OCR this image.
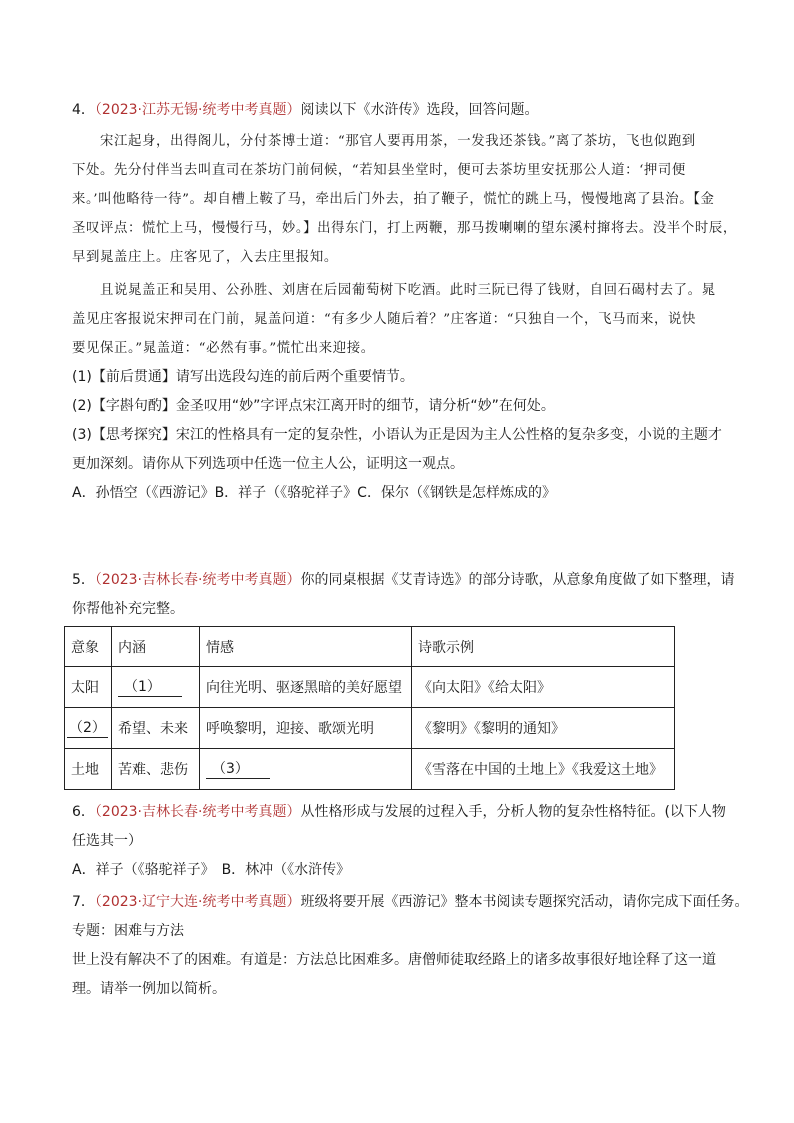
4．（2023·江苏无锡·统考中考真题）阅读以下《水浒传》选段，回答问题。
宋江起身，出得阁儿，分付茶博士道：“那官人要再用茶，一发我还茶钱。”离了茶坊，飞也似跑到
下处。先分付伴当去叫直司在茶坊门前伺候，“若知县坐堂时，便可去茶坊里安抚那公人道：‘押司便
来。’叫他略待一待”。却自槽上鞍了马，牵出后门外去，拍了鞭子，慌忙的跳上马，慢慢地离了县治。【金
圣叹评点：慌忙上马，慢慢行马，妙。】出得东门，打上两鞭，那马拨喇喇的望东溪村撺将去。没半个时辰，
早到晁盖庄上。庄客见了，入去庄里报知。
且说晁盖正和吴用、公孙胜、刘唐在后园葡萄树下吃酒。此时三阮已得了钱财，自回石碣村去了。晁
盖见庄客报说宋押司在门前，晁盖问道：“有多少人随后着？”庄客道：“只独自一个，飞马而来，说快
要见保正。”晁盖道：“必然有事。”慌忙出来迎接。
(1)【前后贯通】请写出选段勾连的前后两个重要情节。
(2)【字斟句酌】金圣叹用“妙”字评点宋江离开时的细节，请分析“妙”在何处。
(3)【思考探究】宋江的性格具有一定的复杂性，小语认为正是因为主人公性格的复杂多变，小说的主题才
更加深刻。请你从下列选项中任选一位主人公，证明这一观点。
A．孙悟空（《西游记》B．祥子（《骆驼祥子》C．保尔（《钢铁是怎样炼成的》
5．（2023·吉林长春·统考中考真题）你的同桌根据《艾青诗选》的部分诗歌，从意象角度做了如下整理，请
你帮他补充完整。
意象	内涵	情感	诗歌示例
太阳	（1）	向往光明、驱逐黑暗的美好愿望	《向太阳》《给太阳》
（2）	希望、未来	呼唤黎明，迎接、歌颂光明	《黎明》《黎明的通知》
土地	苦难、悲伤	（3）	《雪落在中国的土地上》《我爱这土地》
6．（2023·吉林长春·统考中考真题）从性格形成与发展的过程入手，分析人物的复杂性格特征。(以下人物
任选其一）
A．祥子（《骆驼祥子》　B．林冲（《水浒传》
7．（2023·辽宁大连·统考中考真题）班级将要开展《西游记》整本书阅读专题探究活动，请你完成下面任务。
专题：困难与方法
世上没有解决不了的困难。有道是：方法总比困难多。唐僧师徒取经路上的诸多故事很好地诠释了这一道
理。请举一例加以简析。
